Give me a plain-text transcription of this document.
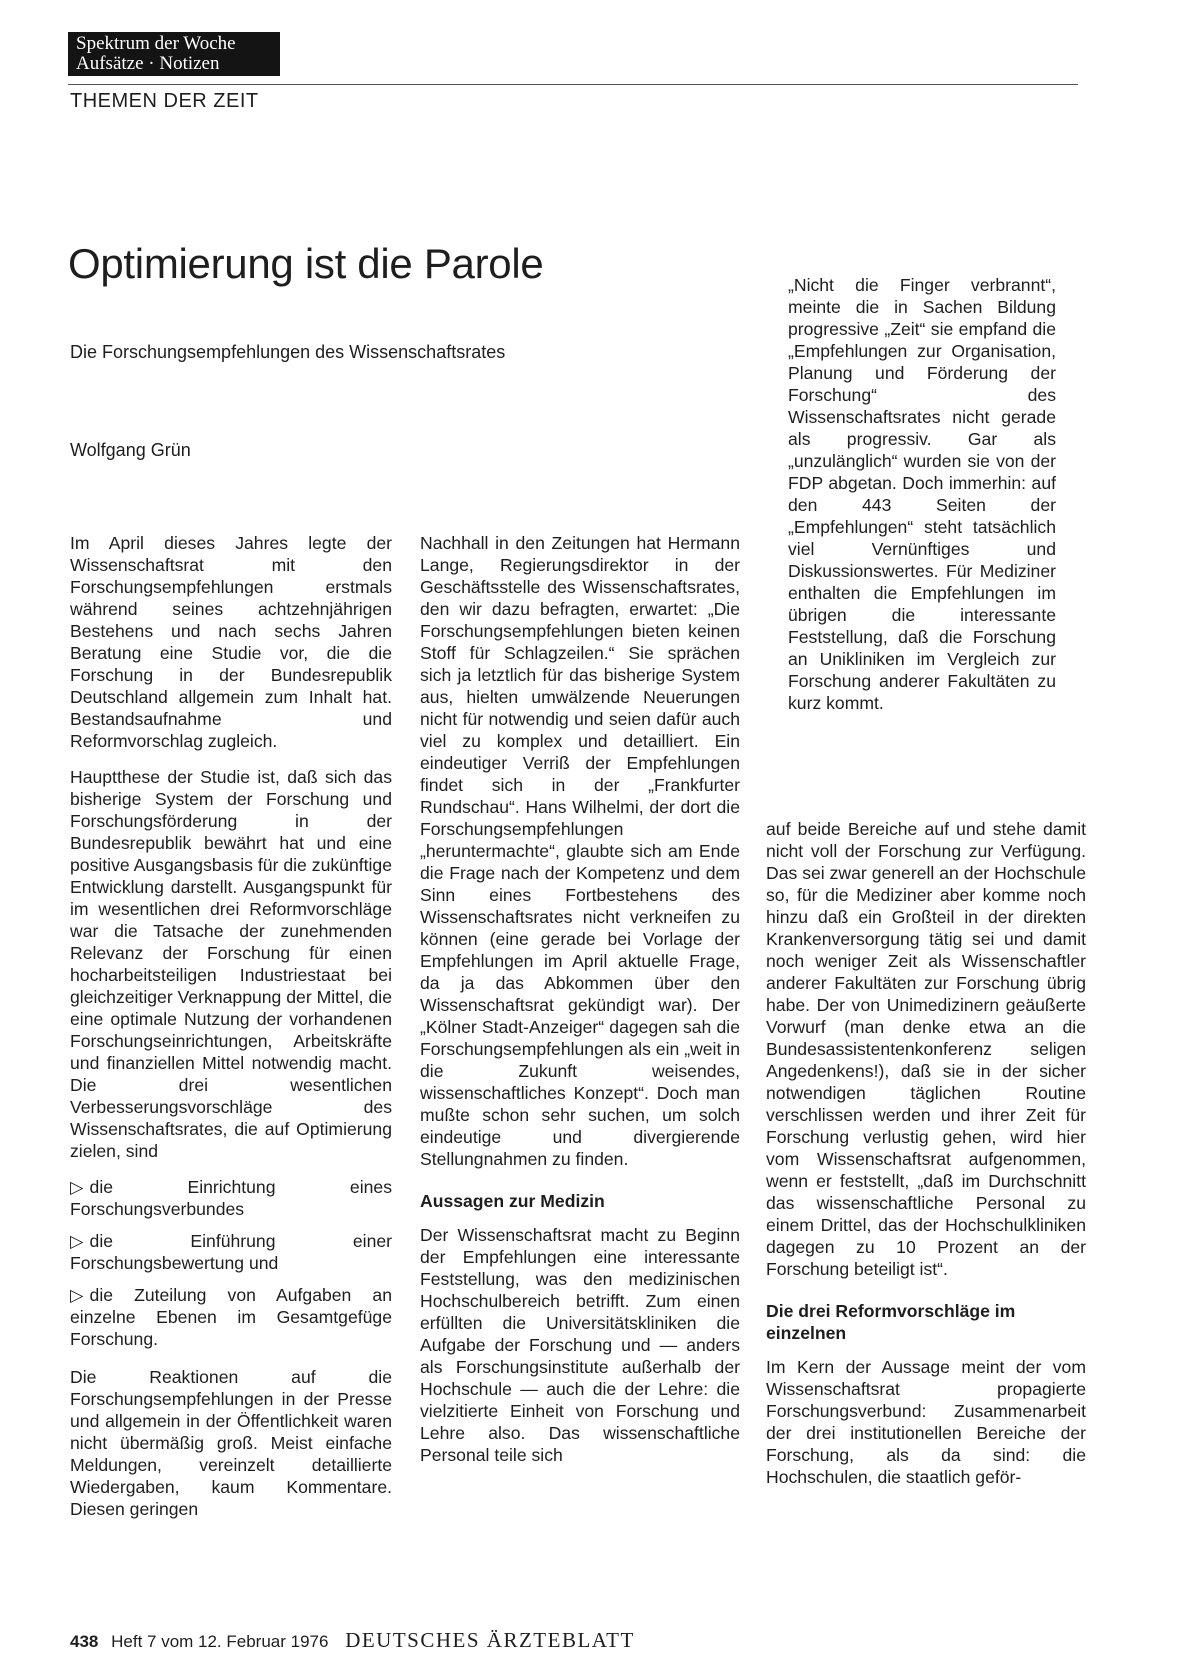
Spektrum der Woche
Aufsätze · Notizen
THEMEN DER ZEIT
Optimierung ist die Parole
Die Forschungsempfehlungen des Wissenschaftsrates
Wolfgang Grün

Im April dieses Jahres legte der Wissenschaftsrat mit den Forschungsempfehlungen erstmals während seines achtzehnjährigen Bestehens und nach sechs Jahren Beratung eine Studie vor, die die Forschung in der Bundesrepublik Deutschland allgemein zum Inhalt hat. Bestandsaufnahme und Reformvorschlag zugleich.

Hauptthese der Studie ist, daß sich das bisherige System der Forschung und Forschungsförderung in der Bundesrepublik bewährt hat und eine positive Ausgangsbasis für die zukünftige Entwicklung darstellt. Ausgangspunkt für im wesentlichen drei Reformvorschläge war die Tatsache der zunehmenden Relevanz der Forschung für einen hocharbeitsteiligen Industriestaat bei gleichzeitiger Verknappung der Mittel, die eine optimale Nutzung der vorhandenen Forschungseinrichtungen, Arbeitskräfte und finanziellen Mittel notwendig macht. Die drei wesentlichen Verbesserungsvorschläge des Wissenschaftsrates, die auf Optimierung zielen, sind

▷ die Einrichtung eines Forschungsverbundes
▷ die Einführung einer Forschungsbewertung und
▷ die Zuteilung von Aufgaben an einzelne Ebenen im Gesamtgefüge Forschung.

Die Reaktionen auf die Forschungsempfehlungen in der Presse und allgemein in der Öffentlichkeit waren nicht übermäßig groß. Meist einfache Meldungen, vereinzelt detaillierte Wiedergaben, kaum Kommentare. Diesen geringen

Nachhall in den Zeitungen hat Hermann Lange, Regierungsdirektor in der Geschäftsstelle des Wissenschaftsrates, den wir dazu befragten, erwartet: „Die Forschungsempfehlungen bieten keinen Stoff für Schlagzeilen.“ Sie sprächen sich ja letztlich für das bisherige System aus, hielten umwälzende Neuerungen nicht für notwendig und seien dafür auch viel zu komplex und detailliert. Ein eindeutiger Verriß der Empfehlungen findet sich in der „Frankfurter Rundschau“. Hans Wilhelmi, der dort die Forschungsempfehlungen „heruntermachte“, glaubte sich am Ende die Frage nach der Kompetenz und dem Sinn eines Fortbestehens des Wissenschaftsrates nicht verkneifen zu können (eine gerade bei Vorlage der Empfehlungen im April aktuelle Frage, da ja das Abkommen über den Wissenschaftsrat gekündigt war). Der „Kölner Stadt-Anzeiger“ dagegen sah die Forschungsempfehlungen als ein „weit in die Zukunft weisendes, wissenschaftliches Konzept“. Doch man mußte schon sehr suchen, um solch eindeutige und divergierende Stellungnahmen zu finden.

Aussagen zur Medizin

Der Wissenschaftsrat macht zu Beginn der Empfehlungen eine interessante Feststellung, was den medizinischen Hochschulbereich betrifft. Zum einen erfüllten die Universitätskliniken die Aufgabe der Forschung und — anders als Forschungsinstitute außerhalb der Hochschule — auch die der Lehre: die vielzitierte Einheit von Forschung und Lehre also. Das wissenschaftliche Personal teile sich

„Nicht die Finger verbrannt“, meinte die in Sachen Bildung progressive „Zeit“ sie empfand die „Empfehlungen zur Organisation, Planung und Förderung der Forschung“ des Wissenschaftsrates nicht gerade als progressiv. Gar als „unzulänglich“ wurden sie von der FDP abgetan. Doch immerhin: auf den 443 Seiten der „Empfehlungen“ steht tatsächlich viel Vernünftiges und Diskussionswertes. Für Mediziner enthalten die Empfehlungen im übrigen die interessante Feststellung, daß die Forschung an Unikliniken im Vergleich zur Forschung anderer Fakultäten zu kurz kommt.

auf beide Bereiche auf und stehe damit nicht voll der Forschung zur Verfügung. Das sei zwar generell an der Hochschule so, für die Mediziner aber komme noch hinzu daß ein Großteil in der direkten Krankenversorgung tätig sei und damit noch weniger Zeit als Wissenschaftler anderer Fakultäten zur Forschung übrig habe. Der von Unimedizinern geäußerte Vorwurf (man denke etwa an die Bundesassistentenkonferenz seligen Angedenkens!), daß sie in der sicher notwendigen täglichen Routine verschlissen werden und ihrer Zeit für Forschung verlustig gehen, wird hier vom Wissenschaftsrat aufgenommen, wenn er feststellt, „daß im Durchschnitt das wissenschaftliche Personal zu einem Drittel, das der Hochschulkliniken dagegen zu 10 Prozent an der Forschung beteiligt ist“.

Die drei Reformvorschläge im einzelnen

Im Kern der Aussage meint der vom Wissenschaftsrat propagierte Forschungsverbund: Zusammenarbeit der drei institutionellen Bereiche der Forschung, als da sind: die Hochschulen, die staatlich geför-

438 Heft 7 vom 12. Februar 1976 DEUTSCHES ÄRZTEBLATT
